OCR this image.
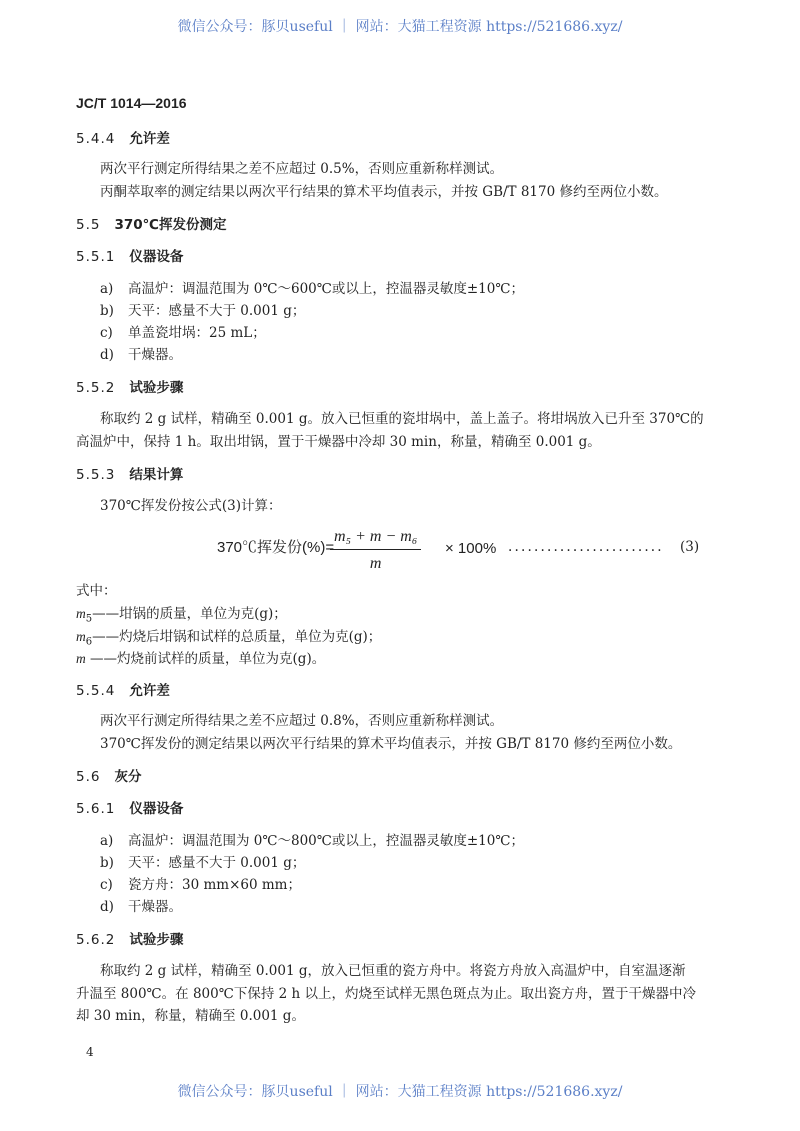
微信公众号：豚贝useful ｜ 网站：大猫工程资源 https://521686.xyz/
JC/T 1014—2016
5.4.4 允许差
两次平行测定所得结果之差不应超过 0.5%，否则应重新称样测试。
丙酮萃取率的测定结果以两次平行结果的算术平均值表示，并按 GB/T 8170 修约至两位小数。
5.5 370℃挥发份测定
5.5.1 仪器设备
a) 高温炉：调温范围为 0℃～600℃或以上，控温器灵敏度±10℃；
b) 天平：感量不大于 0.001 g；
c) 单盖瓷坩埚：25 mL；
d) 干燥器。
5.5.2 试验步骤
称取约 2 g 试样，精确至 0.001 g。放入已恒重的瓷坩埚中，盖上盖子。将坩埚放入已升至 370℃的
高温炉中，保持 1 h。取出坩锅，置于干燥器中冷却 30 min，称量，精确至 0.001 g。
5.5.3 结果计算
370℃挥发份按公式(3)计算：
370℃挥发份(%)=
$\frac{\text{m₅ + m − m₆}}{m} \times 100\%$ ........................ (3)
式中：
$m_5——$坩锅的质量，单位为克(g)；
$m_6——$灼烧后坩锅和试样的总质量，单位为克(g)；
m ——灼烧前试样的质量，单位为克(g)。
5.5.4 允许差
两次平行测定所得结果之差不应超过 0.8%，否则应重新称样测试。
370℃挥发份的测定结果以两次平行结果的算术平均值表示，并按 GB/T 8170 修约至两位小数。
5.6 灰分
5.6.1 仪器设备
a) 高温炉：调温范围为 0℃～800℃或以上，控温器灵敏度±10℃；
b) 天平：感量不大于 0.001 g；
c) 瓷方舟：30 mm×60 mm；
d) 干燥器。
5.6.2 试验步骤
称取约 2 g 试样，精确至 0.001 g，放入已恒重的瓷方舟中。将瓷方舟放入高温炉中，自室温逐渐
升温至 800℃。在 800℃下保持 2 h 以上，灼烧至试样无黑色斑点为止。取出瓷方舟，置于干燥器中冷
却 30 min，称量，精确至 0.001 g。
4
微信公众号：豚贝useful ｜ 网站：大猫工程资源 https://521686.xyz/
